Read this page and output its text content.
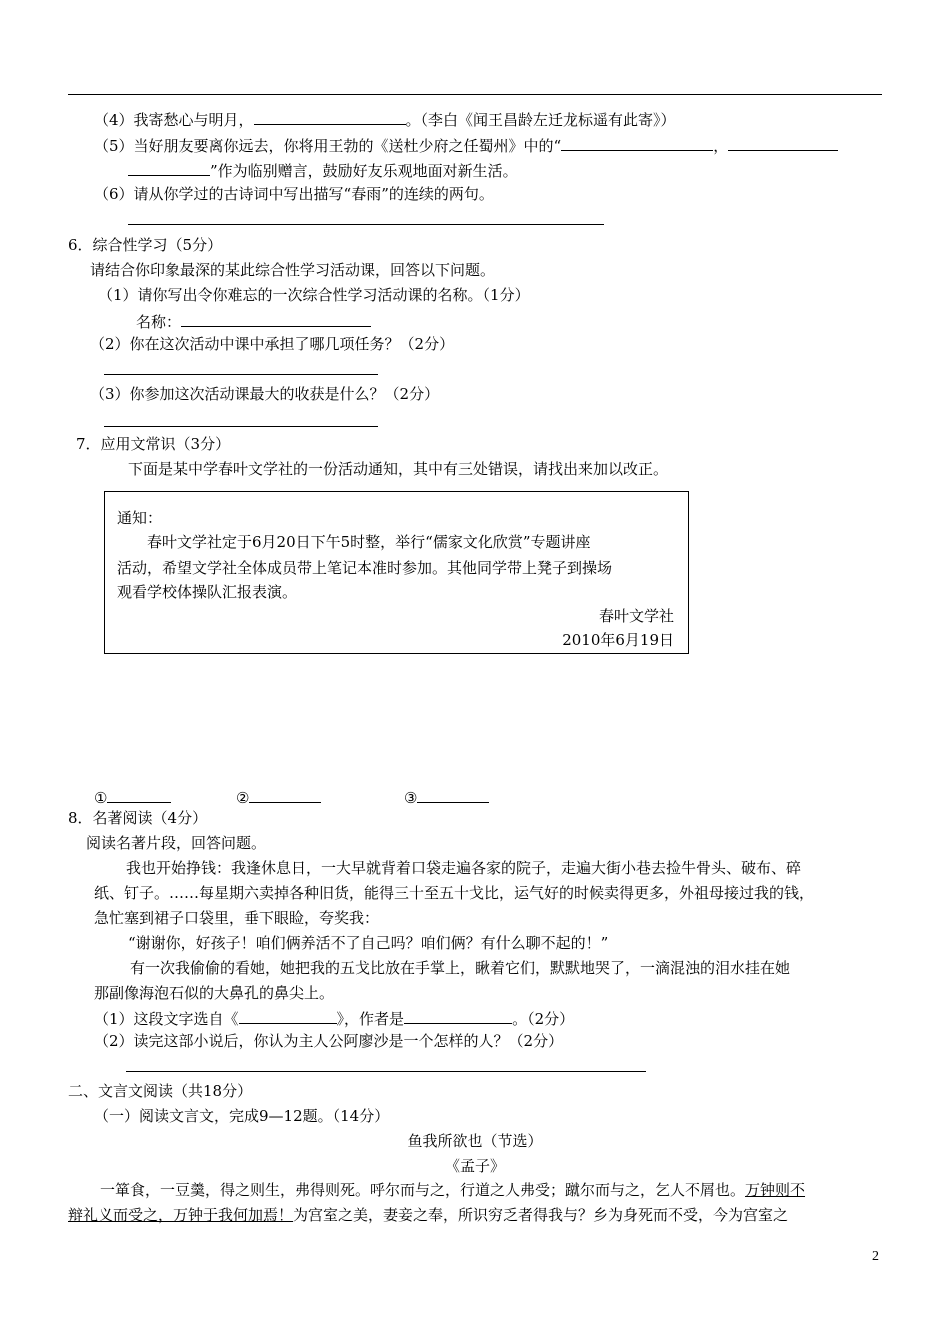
（4）我寄愁心与明月，	。（李白《闻王昌龄左迁龙标遥有此寄》）
（5）当好朋友要离你远去，你将用王勃的《送杜少府之任蜀州》中的“	，
”作为临别赠言，鼓励好友乐观地面对新生活。
（6）请从你学过的古诗词中写出描写“春雨”的连续的两句。
6．综合性学习（5分）
请结合你印象最深的某此综合性学习活动课，回答以下问题。
（1）请你写出令你难忘的一次综合性学习活动课的名称。（1分）
名称：
（2）你在这次活动中课中承担了哪几项任务？（2分）
（3）你参加这次活动课最大的收获是什么？（2分）
7．应用文常识（3分）
下面是某中学春叶文学社的一份活动通知，其中有三处错误，请找出来加以改正。
通知：
春叶文学社定于6月20日下午5时整，举行“儒家文化欣赏”专题讲座
活动，希望文学社全体成员带上笔记本准时参加。其他同学带上凳子到操场
观看学校体操队汇报表演。
春叶文学社
2010年6月19日
①	②	③
8．名著阅读（4分）
阅读名著片段，回答问题。
我也开始挣钱：我逢休息日，一大早就背着口袋走遍各家的院子，走遍大街小巷去捡牛骨头、破布、碎
纸、钉子。……每星期六卖掉各种旧货，能得三十至五十戈比，运气好的时候卖得更多，外祖母接过我的钱，
急忙塞到裙子口袋里，垂下眼睑，夸奖我：
“谢谢你，好孩子！咱们俩养活不了自己吗？咱们俩？有什么聊不起的！”
有一次我偷偷的看她，她把我的五戈比放在手掌上，瞅着它们，默默地哭了，一滴混浊的泪水挂在她
那副像海泡石似的大鼻孔的鼻尖上。
（1）这段文字选自《	》，作者是	。（2分）
（2）读完这部小说后，你认为主人公阿廖沙是一个怎样的人？（2分）
二、文言文阅读（共18分）
（一）阅读文言文，完成9—12题。（14分）
鱼我所欲也（节选）
《孟子》
一箪食，一豆羹，得之则生，弗得则死。呼尔而与之，行道之人弗受；蹴尔而与之，乞人不屑也。万钟则不
辩礼义而受之，万钟于我何加焉！为宫室之美，妻妾之奉，所识穷乏者得我与？乡为身死而不受，今为宫室之
2
